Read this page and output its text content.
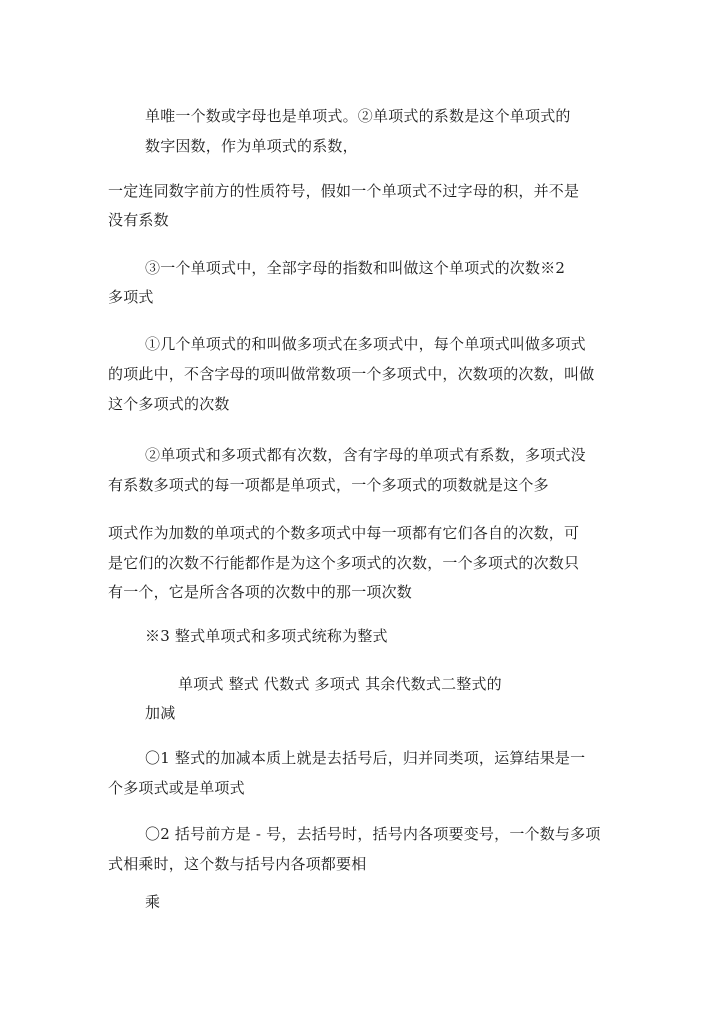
单唯一个数或字母也是单项式。②单项式的系数是这个单项式的
数字因数，作为单项式的系数，
一定连同数字前方的性质符号，假如一个单项式不过字母的积，并不是
没有系数
③一个单项式中，全部字母的指数和叫做这个单项式的次数※2
多项式
①几个单项式的和叫做多项式在多项式中，每个单项式叫做多项式
的项此中，不含字母的项叫做常数项一个多项式中，次数项的次数，叫做
这个多项式的次数
②单项式和多项式都有次数，含有字母的单项式有系数，多项式没
有系数多项式的每一项都是单项式，一个多项式的项数就是这个多
项式作为加数的单项式的个数多项式中每一项都有它们各自的次数，可
是它们的次数不行能都作是为这个多项式的次数，一个多项式的次数只
有一个，它是所含各项的次数中的那一项次数
※3 整式单项式和多项式统称为整式
单项式 整式 代数式 多项式 其余代数式二整式的
加减
〇1 整式的加减本质上就是去括号后，归并同类项，运算结果是一
个多项式或是单项式
〇2 括号前方是 - 号，去括号时，括号内各项要变号，一个数与多项
式相乘时，这个数与括号内各项都要相
乘
